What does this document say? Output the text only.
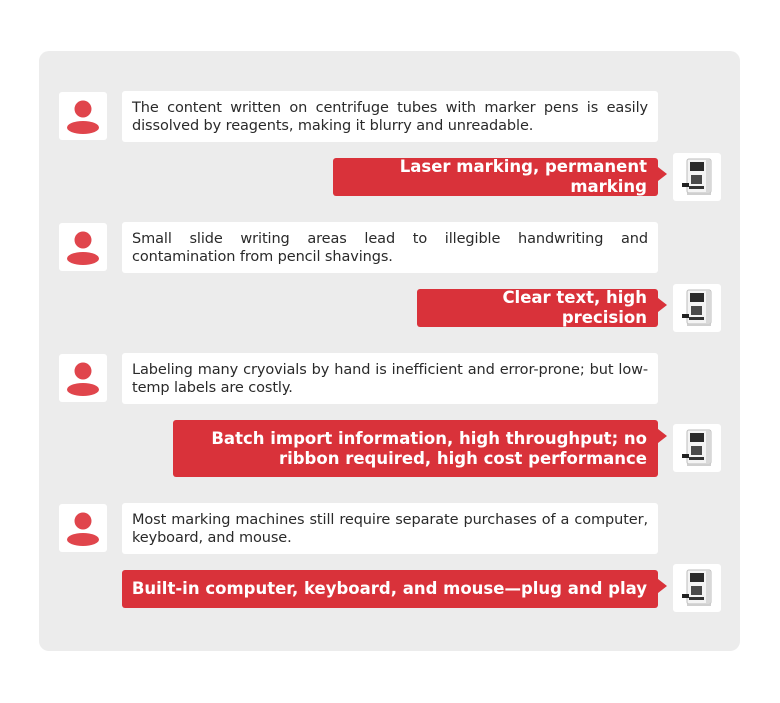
The content written on centrifuge tubes with marker pens is easily dissolved by reagents, making it blurry and unreadable.
Laser marking, permanent marking
Small slide writing areas lead to illegible handwriting and contamination from pencil shavings.
Clear text, high precision
Labeling many cryovials by hand is inefficient and error-prone; but low-temp labels are costly.
Batch import information, high throughput; no ribbon required, high cost performance
Most marking machines still require separate purchases of a computer, keyboard, and mouse.
Built-in computer, keyboard, and mouse—plug and play
